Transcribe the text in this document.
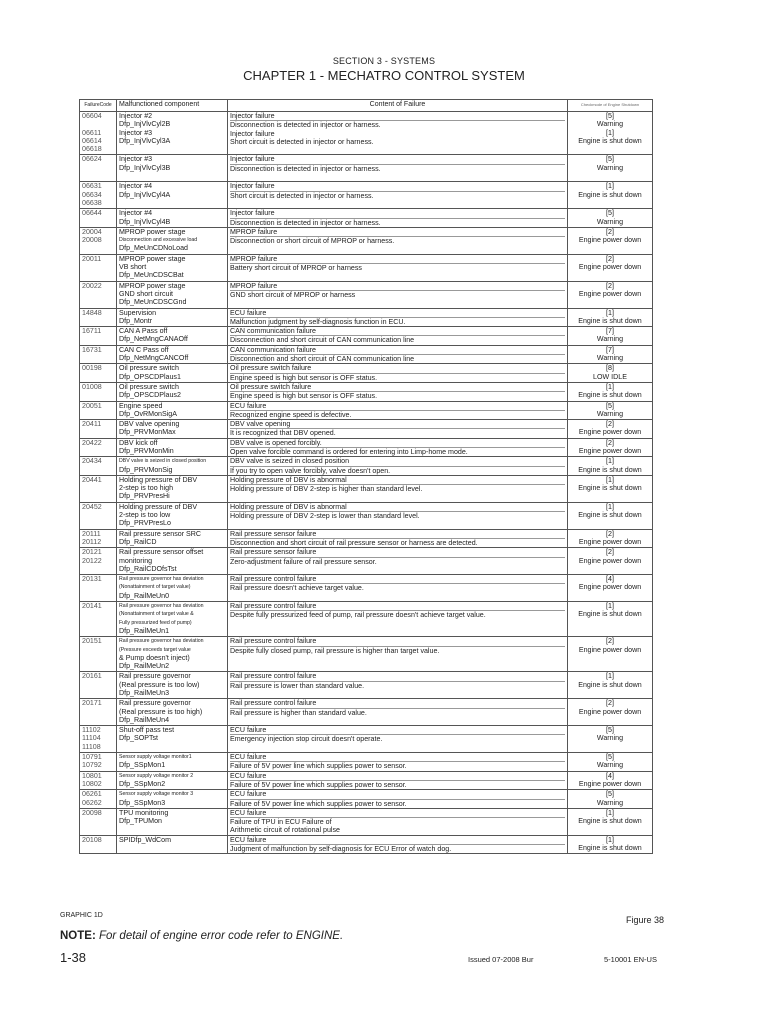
SECTION 3 - SYSTEMS
CHAPTER 1 - MECHATRO CONTROL SYSTEM
FailureCode	Malfunctioned component	Content of Failure	Checkmode of Engine Shutdown

06604
06611
06614
06618	Injector #2
Dfp_InjVlvCyl2B
Injector #3
Dfp_InjVlvCyl3A	Injector failure
Disconnection is detected in injector or harness.
Injector failure
Short circuit is detected in injector or harness.	[5]
Warning
[1]
Engine is shut down

06624	Injector #3
Dfp_InjVlvCyl3B	Injector failure
Disconnection is detected in injector or harness.	[5]
Warning

06631
06634
06638	Injector #4
Dfp_InjVlvCyl4A	Injector failure
Short circuit is detected in injector or harness.	[1]
Engine is shut down

06644	Injector #4
Dfp_InjVlvCyl4B	Injector failure
Disconnection is detected in injector or harness.	[5]
Warning

20004
20008	MPROP power stage
Disconnection and excessive load
Dfp_MeUnCDNoLoad	MPROP failure
Disconnection or short circuit of MPROP or harness.	[2]
Engine power down

20011	MPROP power stage
VB short
Dfp_MeUnCDSCBat	MPROP failure
Battery short circuit of MPROP or harness	[2]
Engine power down

20022	MPROP power stage
GND short circuit
Dfp_MeUnCDSCGnd	MPROP failure
GND short circuit of MPROP or harness	[2]
Engine power down

14848	Supervision
Dfp_Montr	ECU failure
Malfunction judgment by self-diagnosis function in ECU.	[1]
Engine is shut down

16711	CAN A Pass off
Dfp_NetMngCANAOff	CAN communication failure
Disconnection and short circuit of CAN communication line	[7]
Warning

16731	CAN C Pass off
Dfp_NetMngCANCOff	CAN communication failure
Disconnection and short circuit of CAN communication line	[7]
Warning

00198	Oil pressure switch
Dfp_OPSCDPlaus1	Oil pressure switch failure
Engine speed is high but sensor is OFF status.	[8]
LOW IDLE

01008	Oil pressure switch
Dfp_OPSCDPlaus2	Oil pressure switch failure
Engine speed is high but sensor is OFF status.	[1]
Engine is shut down

20051	Engine speed
Dfp_OvRMonSigA	ECU failure
Recognized engine speed is defective.	[5]
Warning

20411	DBV valve opening
Dfp_PRVMonMax	DBV valve opening
It is recognized that DBV opened.	[2]
Engine power down

20422	DBV kick off
Dfp_PRVMonMin	DBV valve is opened forcibly.
Open valve forcible command is ordered for entering into Limp-home mode.	[2]
Engine power down

20434	DBV valve is seized in closed position
Dfp_PRVMonSig	DBV valve is seized in closed position
If you try to open valve forcibly, valve doesn't open.	[1]
Engine is shut down

20441	Holding pressure of DBV
2-step is too high
Dfp_PRVPresHi	Holding pressure of DBV is abnormal
Holding pressure of DBV 2-step is higher than standard level.	[1]
Engine is shut down

20452	Holding pressure of DBV
2-step is too low
Dfp_PRVPresLo	Holding pressure of DBV is abnormal
Holding pressure of DBV 2-step is lower than standard level.	[1]
Engine is shut down

20111
20112	Rail pressure sensor SRC
Dfp_RailCD	Rail pressure sensor failure
Disconnection and short circuit of rail pressure sensor or harness are detected.	[2]
Engine power down

20121
20122	Rail pressure sensor offset
monitoring
Dfp_RailCDOfsTst	Rail pressure sensor failure
Zero-adjustment failure of rail pressure sensor.	[2]
Engine power down

20131	Rail pressure governor has deviation
(Nonattainment of target value)
Dfp_RailMeUn0	Rail pressure control failure
Rail pressure doesn't achieve target value.	[4]
Engine power down

20141	Rail pressure governor has deviation
(Nonattainment of target value &
Fully pressurized feed of pump)
Dfp_RailMeUn1	Rail pressure control failure
Despite fully pressurized feed of pump, rail pressure doesn't achieve target value.	[1]
Engine is shut down

20151	Rail pressure governor has deviation
(Pressure exceeds target value
& Pump doesn't inject)
Dfp_RailMeUn2	Rail pressure control failure
Despite fully closed pump, rail pressure is higher than target value.	[2]
Engine power down

20161	Rail pressure governor
(Real pressure is too low)
Dfp_RailMeUn3	Rail pressure control failure
Rail pressure is lower than standard value.	[1]
Engine is shut down

20171	Rail pressure governor
(Real pressure is too high)
Dfp_RailMeUn4	Rail pressure control failure
Rail pressure is higher than standard value.	[2]
Engine power down

11102
11104
11108	Shut-off pass test
Dfp_SOPTst	ECU failure
Emergency injection stop circuit doesn't operate.	[5]
Warning

10791
10792	Sensor supply voltage monitor1
Dfp_SSpMon1	ECU failure
Failure of 5V power line which supplies power to sensor.	[5]
Warning

10801
10802	Sensor supply voltage monitor 2
Dfp_SSpMon2	ECU failure
Failure of 5V power line which supplies power to sensor.	[4]
Engine power down

06261
06262	Sensor supply voltage monitor 3
Dfp_SSpMon3	ECU failure
Failure of 5V power line which supplies power to sensor.	[5]
Warning

20098	TPU monitoring
Dfp_TPUMon	ECU failure
Failure of TPU in ECU Failure of
Arithmetic circuit of rotational pulse	[1]
Engine is shut down

20108	SPIDfp_WdCom	ECU failure
Judgment of malfunction by self-diagnosis for ECU Error of watch dog.	[1]
Engine is shut down
GRAPHIC 1D	Figure 38
NOTE: For detail of engine error code refer to ENGINE.
1-38	Issued 07-2008 Bur	5-10001 EN-US
